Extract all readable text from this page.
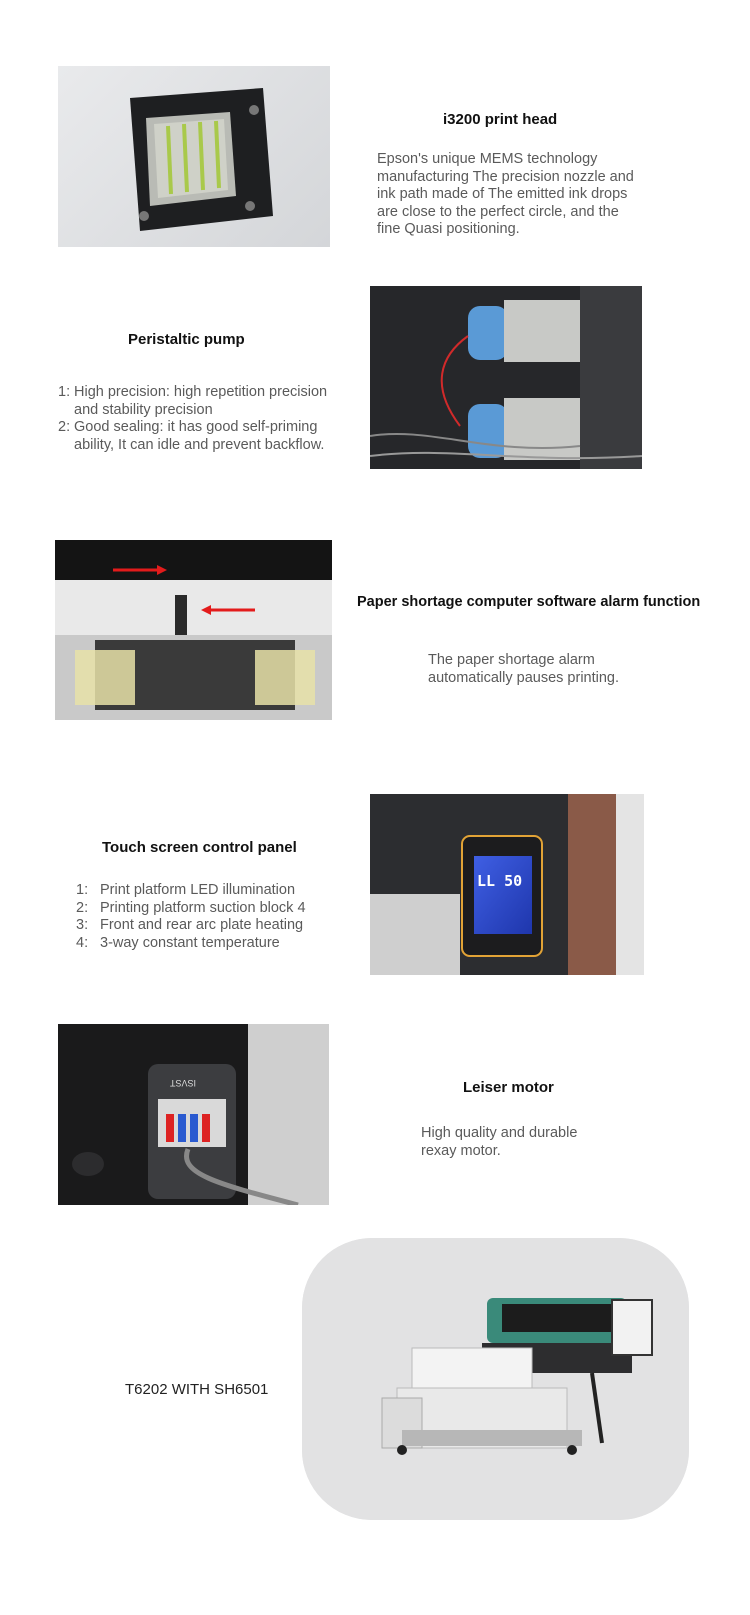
i3200 print head
Epson's unique MEMS technology manufacturing The precision nozzle and ink path made of The emitted ink drops are close to the perfect circle, and the fine Quasi positioning.
Peristaltic pump
1: High precision: high repetition precision and stability precision
2: Good sealing: it has good self-priming ability, It can idle and prevent backflow.
Paper shortage computer software alarm function
The paper shortage alarm automatically pauses printing.
Touch screen control panel
1: Print platform LED illumination
2: Printing platform suction block 4
3: Front and rear arc plate heating
4: 3-way constant temperature
LL 50
ISVST	Leiser motor
High quality and durable rexay motor.
T6202 WITH SH6501
